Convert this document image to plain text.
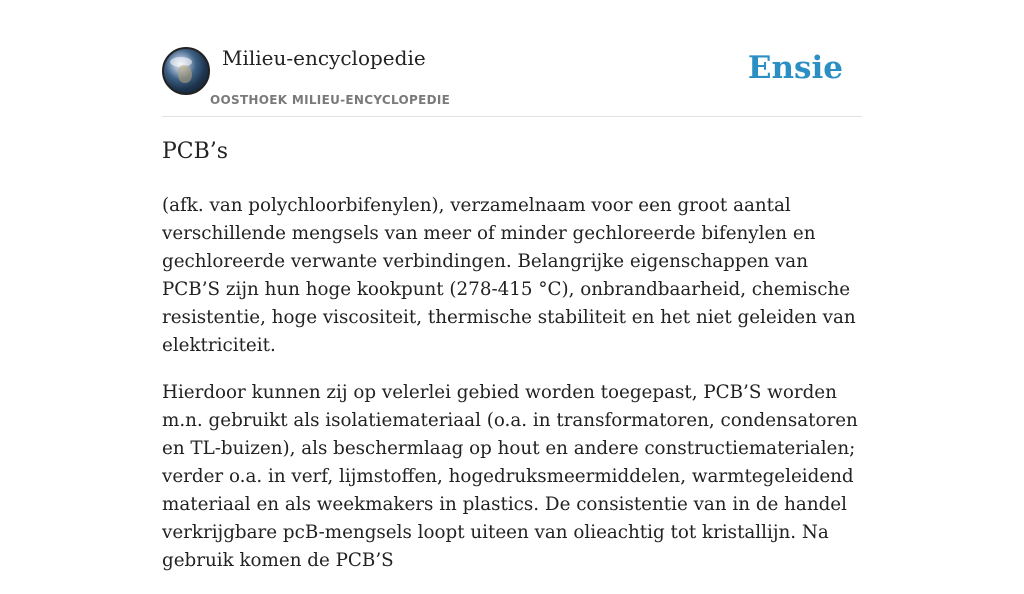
Milieu-encyclopedie
OOSTHOEK MILIEU-ENCYCLOPEDIE
Ensie
PCB’s

(afk. van polychloorbifenylen), verzamelnaam voor een groot aantal verschillende mengsels van meer of minder gechloreerde bifenylen en gechloreerde verwante verbindingen. Belangrijke eigenschappen van PCB’S zijn hun hoge kookpunt (278-415 °C), onbrandbaarheid, chemische resistentie, hoge viscositeit, thermische stabiliteit en het niet geleiden van elektriciteit.

Hierdoor kunnen zij op velerlei gebied worden toegepast, PCB’S worden m.n. gebruikt als isolatiemateriaal (o.a. in transformatoren, condensatoren en TL-buizen), als beschermlaag op hout en andere constructiematerialen; verder o.a. in verf, lijmstoffen, hogedruksmeermiddelen, warmtegeleidend materiaal en als weekmakers in plastics. De consistentie van in de handel verkrijgbare pcB-mengsels loopt uiteen van olieachtig tot kristallijn. Na gebruik komen de PCB’S
